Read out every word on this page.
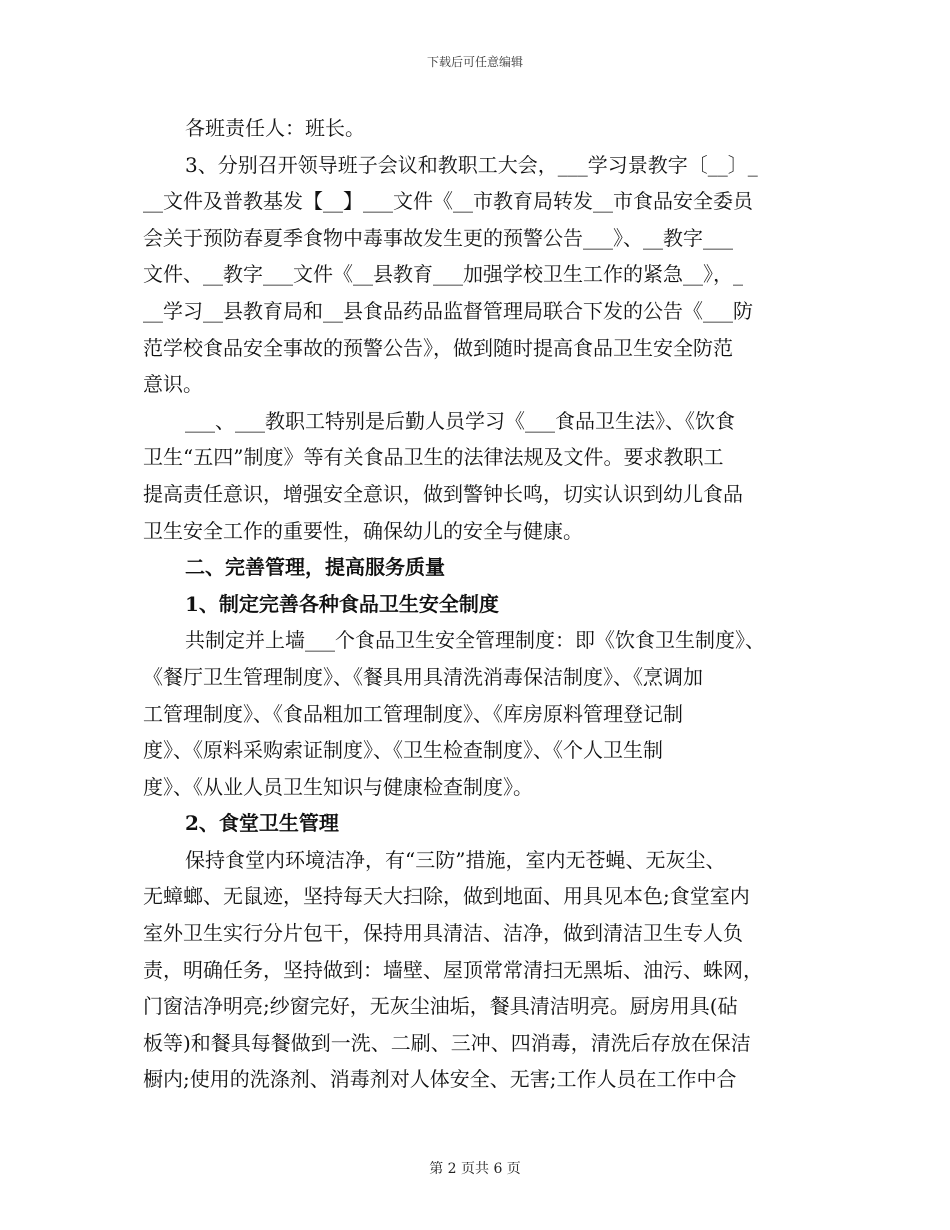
下载后可任意编辑
各班责任人：班长。
3、分别召开领导班子会议和教职工大会，___学习景教字〔__〕_
__文件及普教基发【__】___文件《__市教育局转发__市食品安全委员
会关于预防春夏季食物中毒事故发生更的预警公告___》、__教字___
文件、__教字___文件《__县教育___加强学校卫生工作的紧急__》，_
__学习__县教育局和__县食品药品监督管理局联合下发的公告《___防
范学校食品安全事故的预警公告》，做到随时提高食品卫生安全防范
意识。
___、___教职工特别是后勤人员学习《___食品卫生法》、《饮食
卫生“五四”制度》等有关食品卫生的法律法规及文件。要求教职工
提高责任意识，增强安全意识，做到警钟长鸣，切实认识到幼儿食品
卫生安全工作的重要性，确保幼儿的安全与健康。
二、完善管理，提高服务质量
1、制定完善各种食品卫生安全制度
共制定并上墙___个食品卫生安全管理制度：即《饮食卫生制度》、
《餐厅卫生管理制度》、《餐具用具清洗消毒保洁制度》、《烹调加
工管理制度》、《食品粗加工管理制度》、《库房原料管理登记制
度》、《原料采购索证制度》、《卫生检查制度》、《个人卫生制
度》、《从业人员卫生知识与健康检查制度》。
2、食堂卫生管理
保持食堂内环境洁净，有“三防”措施，室内无苍蝇、无灰尘、
无蟑螂、无鼠迹，坚持每天大扫除，做到地面、用具见本色;食堂室内
室外卫生实行分片包干，保持用具清洁、洁净，做到清洁卫生专人负
责，明确任务，坚持做到：墙壁、屋顶常常清扫无黑垢、油污、蛛网，
门窗洁净明亮;纱窗完好，无灰尘油垢，餐具清洁明亮。厨房用具(砧
板等)和餐具每餐做到一洗、二刷、三冲、四消毒，清洗后存放在保洁
橱内;使用的洗涤剂、消毒剂对人体安全、无害;工作人员在工作中合
第 2 页共 6 页
